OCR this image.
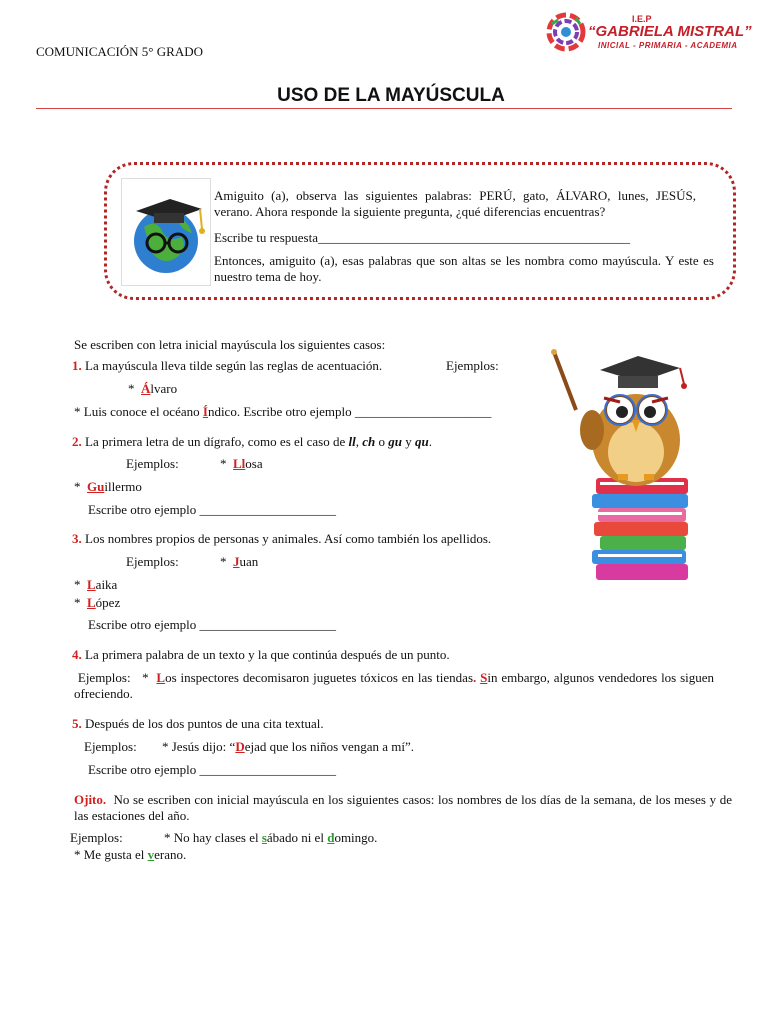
COMUNICACIÓN 5° GRADO
I.E.P
“GABRIELA MISTRAL”
INICIAL - PRIMARIA - ACADEMIA
USO DE LA MAYÚSCULA
Amiguito (a), observa las siguientes palabras: PERÚ, gato, ÁLVARO, lunes, JESÚS, verano. Ahora responde la siguiente pregunta, ¿qué diferencias encuentras?
Escribe tu respuesta________________________________________________
Entonces, amiguito (a), esas palabras que son altas se les nombra como mayúscula. Y este es nuestro tema de hoy.
Se escriben con letra inicial mayúscula los siguientes casos:
1. La mayúscula lleva tilde según las reglas de acentuación.	Ejemplos:
*  Álvaro
* Luis conoce el océano Índico. Escribe otro ejemplo _____________________
2. La primera letra de un dígrafo, como es el caso de ll, ch o gu y qu.
Ejemplos:	*  Llosa
*  Guillermo
Escribe otro ejemplo _____________________
3. Los nombres propios de personas y animales. Así como también los apellidos.
Ejemplos:	*  Juan
*  Laika
*  López
Escribe otro ejemplo _____________________
4. La primera palabra de un texto y la que continúa después de un punto.
Ejemplos:   *  Los inspectores decomisaron juguetes tóxicos en las tiendas. Sin embargo, algunos vendedores los siguen ofreciendo.
5. Después de los dos puntos de una cita textual.
Ejemplos: * Jesús dijo: “Dejad que los niños vengan a mí”.
Escribe otro ejemplo _____________________
Ojito. No se escriben con inicial mayúscula en los siguientes casos: los nombres de los días de la semana, de los meses y de las estaciones del año.
Ejemplos:	* No hay clases el sábado ni el domingo.
* Me gusta el verano.
